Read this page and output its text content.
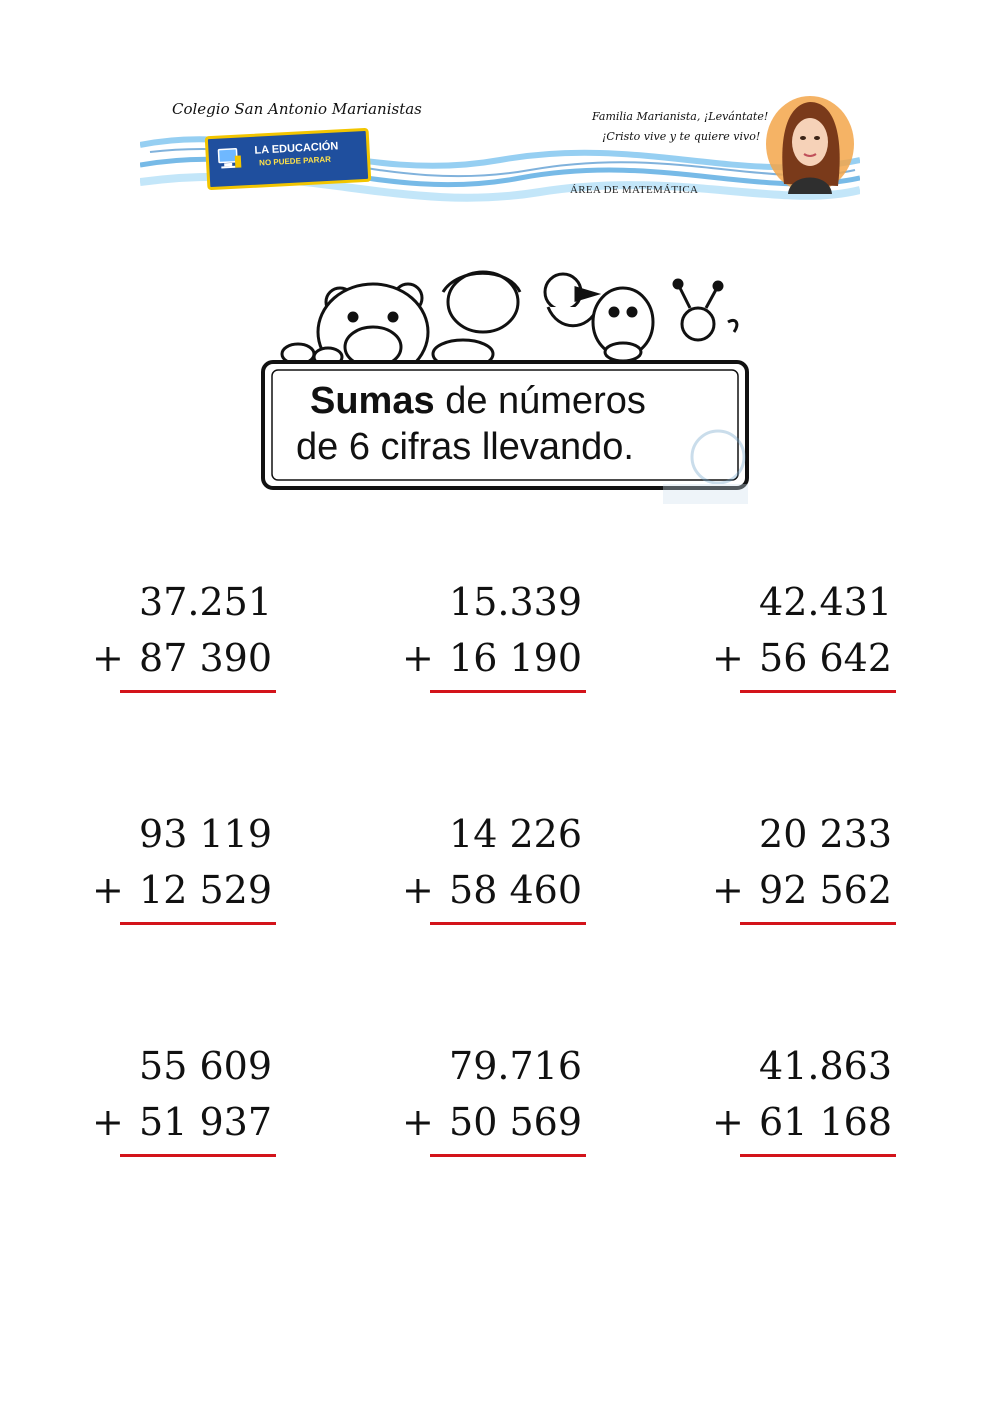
Colegio San Antonio Marianistas
LA EDUCACIÓN
NO PUEDE PARAR
Familia Marianista, ¡Levántate!
¡Cristo vive y te quiere vivo!
ÁREA DE MATEMÁTICA
Sumas de números
de 6 cifras llevando.
37.251
+ 87 390
15.339
+ 16 190
42.431
+ 56 642
93 119
+ 12 529
14 226
+ 58 460
20 233
+ 92 562
55 609
+ 51 937
79.716
+ 50 569
41.863
+ 61 168
